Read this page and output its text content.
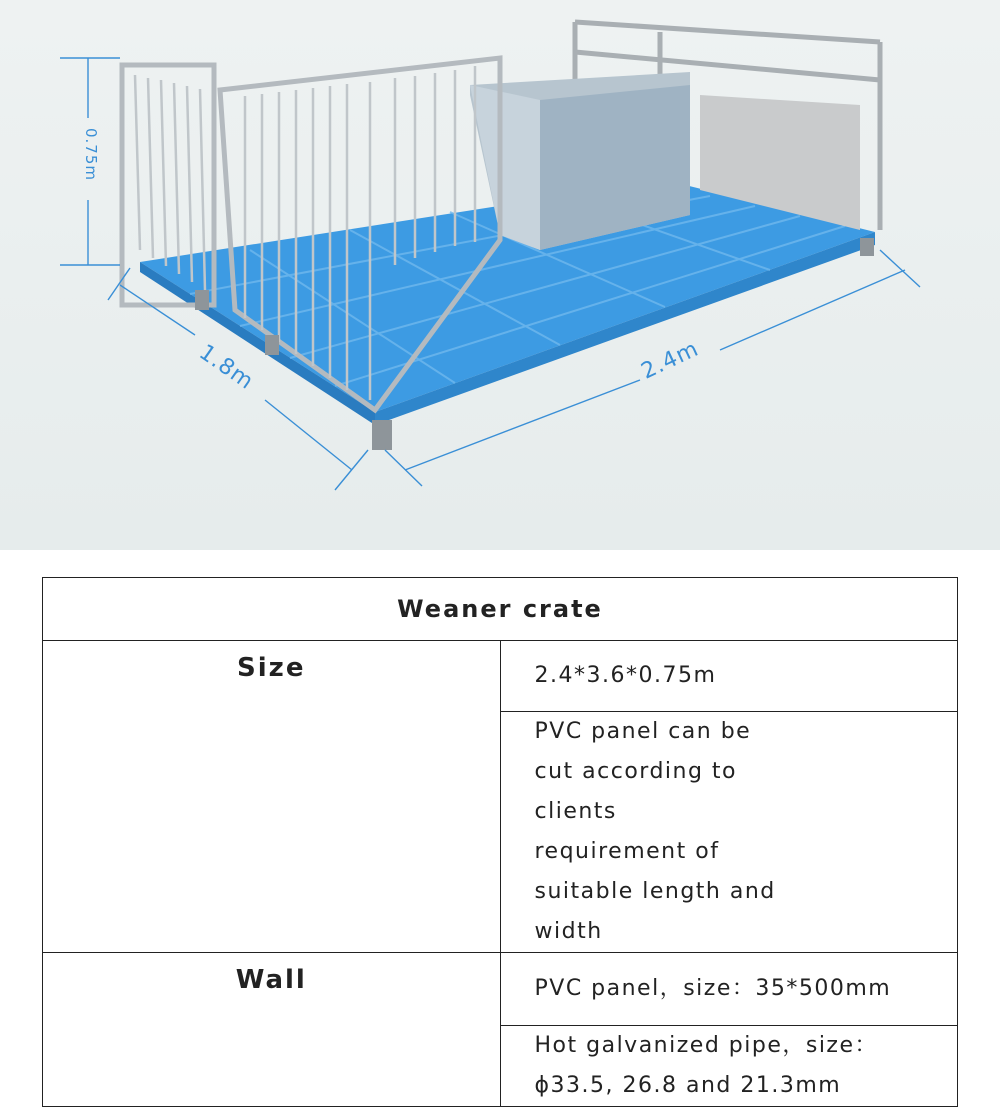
0.75m
1.8m	2.4m
Weaner crate	
Size	2.4*3.6*0.75m
	PVC panel can be cut according to clients requirement of suitable length and width
Wall	PVC panel，size：35*500mm
	Hot galvanized pipe，size：ϕ33.5, 26.8 and 21.3mm
